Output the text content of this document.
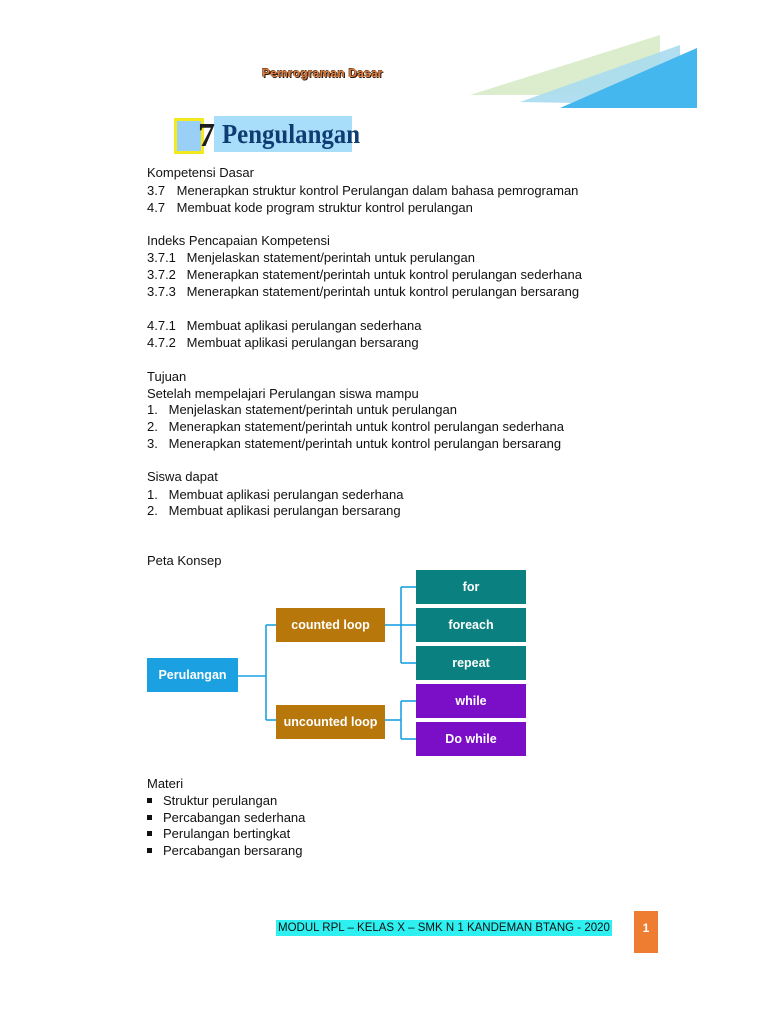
Pemrograman Dasar
7 Pengulangan
Kompetensi Dasar
3.7 Menerapkan struktur kontrol Perulangan dalam bahasa pemrograman
4.7 Membuat kode program struktur kontrol perulangan
Indeks Pencapaian Kompetensi
3.7.1 Menjelaskan statement/perintah untuk perulangan
3.7.2 Menerapkan statement/perintah untuk kontrol perulangan sederhana
3.7.3 Menerapkan statement/perintah untuk kontrol perulangan bersarang
4.7.1 Membuat aplikasi perulangan sederhana
4.7.2 Membuat aplikasi perulangan bersarang
Tujuan
Setelah mempelajari Perulangan siswa mampu
1. Menjelaskan statement/perintah untuk perulangan
2. Menerapkan statement/perintah untuk kontrol perulangan sederhana
3. Menerapkan statement/perintah untuk kontrol perulangan bersarang
Siswa dapat
1. Membuat aplikasi perulangan sederhana
2. Membuat aplikasi perulangan bersarang
Peta Konsep
Perulangan
counted loop
uncounted loop
for
foreach
repeat
while
Do while
Materi
Struktur perulangan
Percabangan sederhana
Perulangan bertingkat
Percabangan bersarang
MODUL RPL – KELAS X – SMK N 1 KANDEMAN BTANG - 2020	1
